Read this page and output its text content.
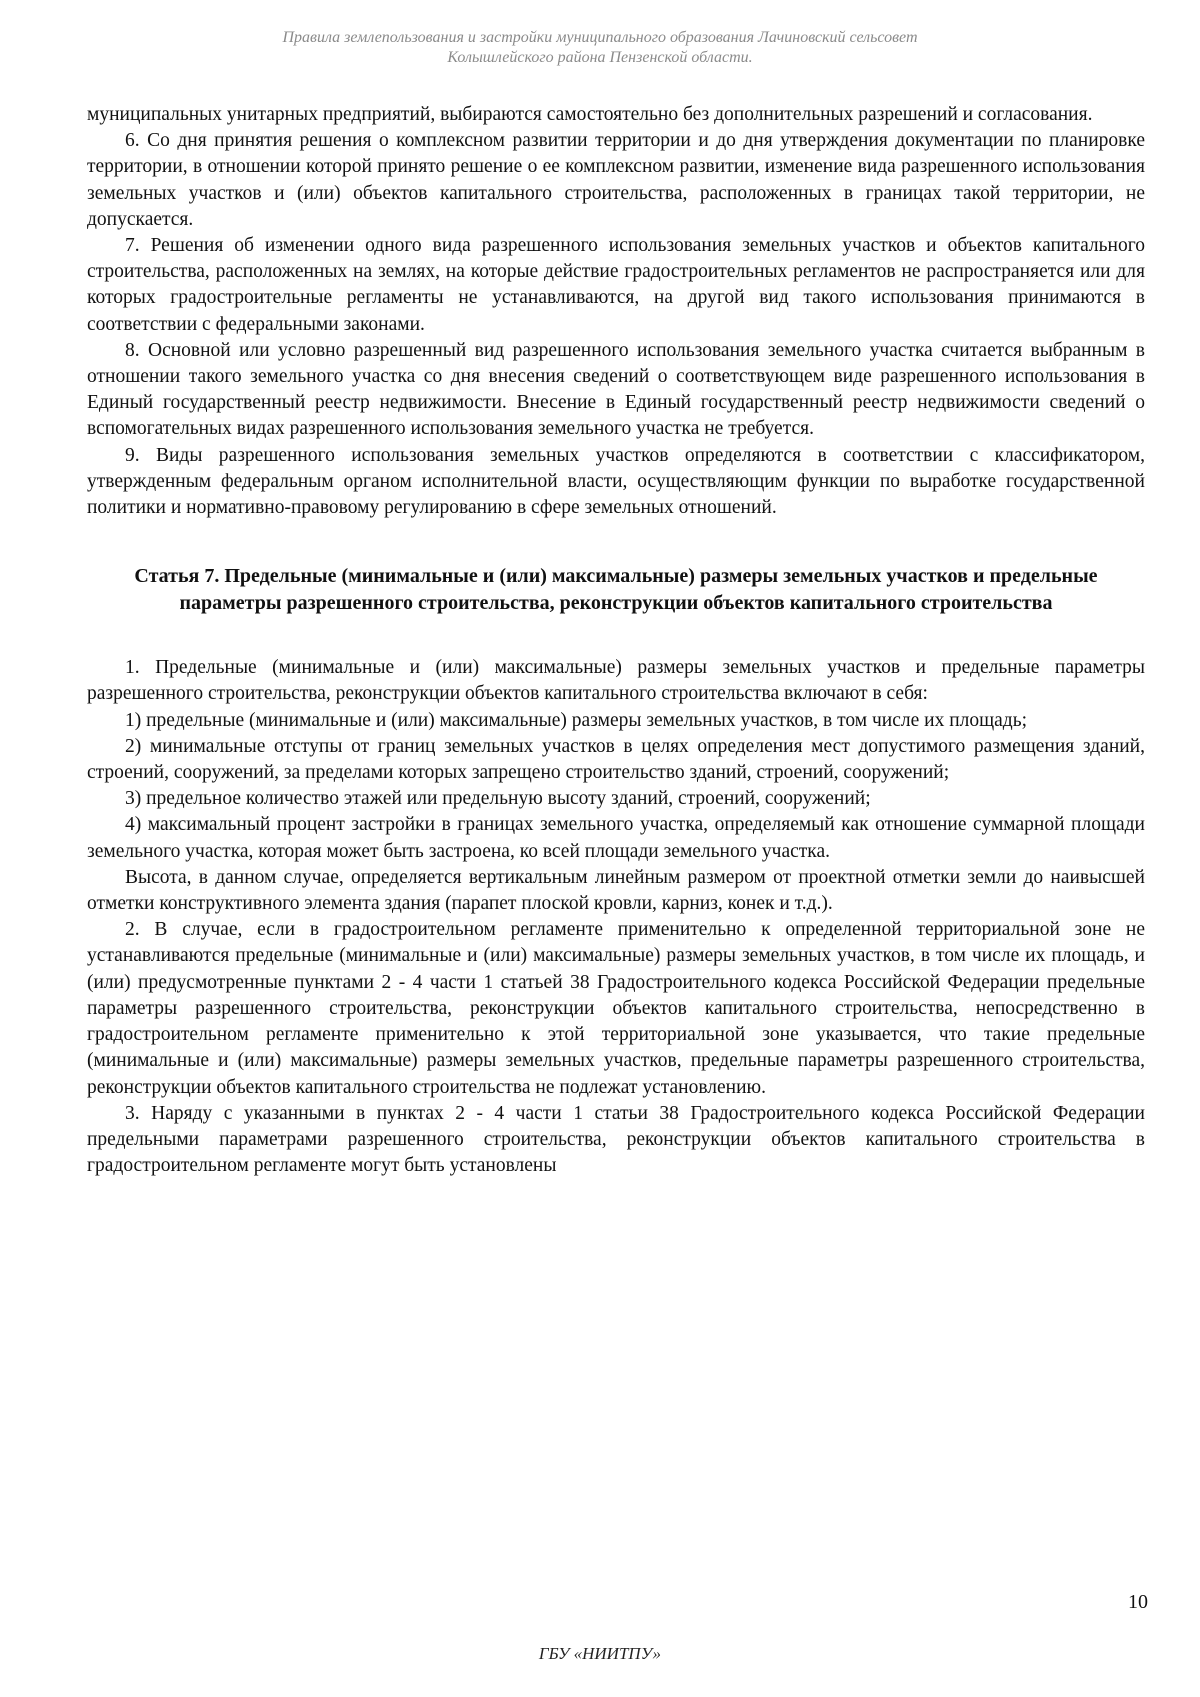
Правила землепользования и застройки муниципального образования Лачиновский сельсовет
Колышлейского района Пензенской области.

муниципальных унитарных предприятий, выбираются самостоятельно без дополнительных разрешений и согласования.

6. Со дня принятия решения о комплексном развитии территории и до дня утверждения документации по планировке территории, в отношении которой принято решение о ее комплексном развитии, изменение вида разрешенного использования земельных участков и (или) объектов капитального строительства, расположенных в границах такой территории, не допускается.

7. Решения об изменении одного вида разрешенного использования земельных участков и объектов капитального строительства, расположенных на землях, на которые действие градостроительных регламентов не распространяется или для которых градостроительные регламенты не устанавливаются, на другой вид такого использования принимаются в соответствии с федеральными законами.

8. Основной или условно разрешенный вид разрешенного использования земельного участка считается выбранным в отношении такого земельного участка со дня внесения сведений о соответствующем виде разрешенного использования в Единый государственный реестр недвижимости. Внесение в Единый государственный реестр недвижимости сведений о вспомогательных видах разрешенного использования земельного участка не требуется.

9. Виды разрешенного использования земельных участков определяются в соответствии с классификатором, утвержденным федеральным органом исполнительной власти, осуществляющим функции по выработке государственной политики и нормативно-правовому регулированию в сфере земельных отношений.

Статья 7. Предельные (минимальные и (или) максимальные) размеры земельных участков и предельные параметры разрешенного строительства, реконструкции объектов капитального строительства

1. Предельные (минимальные и (или) максимальные) размеры земельных участков и предельные параметры разрешенного строительства, реконструкции объектов капитального строительства включают в себя:

1) предельные (минимальные и (или) максимальные) размеры земельных участков, в том числе их площадь;

2) минимальные отступы от границ земельных участков в целях определения мест допустимого размещения зданий, строений, сооружений, за пределами которых запрещено строительство зданий, строений, сооружений;

3) предельное количество этажей или предельную высоту зданий, строений, сооружений;

4) максимальный процент застройки в границах земельного участка, определяемый как отношение суммарной площади земельного участка, которая может быть застроена, ко всей площади земельного участка.

Высота, в данном случае, определяется вертикальным линейным размером от проектной отметки земли до наивысшей отметки конструктивного элемента здания (парапет плоской кровли, карниз, конек и т.д.).

2. В случае, если в градостроительном регламенте применительно к определенной территориальной зоне не устанавливаются предельные (минимальные и (или) максимальные) размеры земельных участков, в том числе их площадь, и (или) предусмотренные пунктами 2 - 4 части 1 статьей 38 Градостроительного кодекса Российской Федерации предельные параметры разрешенного строительства, реконструкции объектов капитального строительства, непосредственно в градостроительном регламенте применительно к этой территориальной зоне указывается, что такие предельные (минимальные и (или) максимальные) размеры земельных участков, предельные параметры разрешенного строительства, реконструкции объектов капитального строительства не подлежат установлению.

3. Наряду с указанными в пунктах 2 - 4 части 1 статьи 38 Градостроительного кодекса Российской Федерации предельными параметрами разрешенного строительства, реконструкции объектов капитального строительства в градостроительном регламенте могут быть установлены

10
ГБУ «НИИТПУ»
